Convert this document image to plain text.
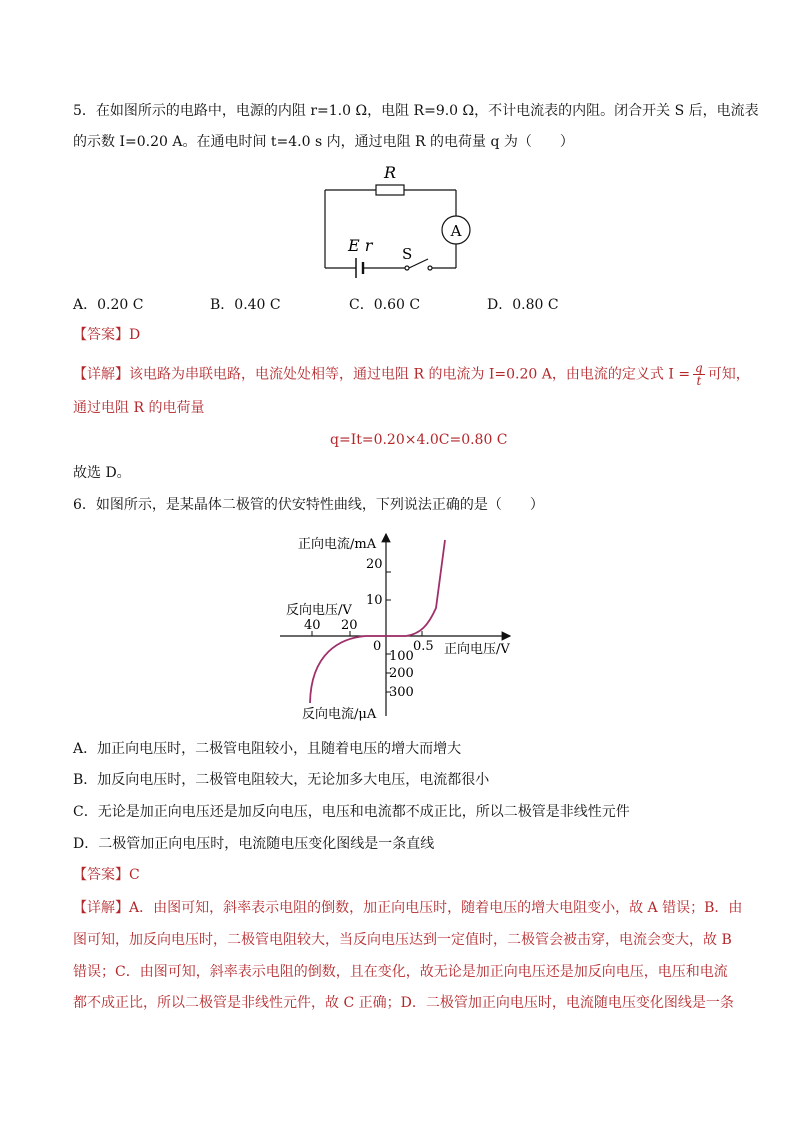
5．在如图所示的电路中，电源的内阻 r=1.0 Ω，电阻 R=9.0 Ω，不计电流表的内阻。闭合开关 S 后，电流表
的示数 I=0.20 A。在通电时间 t=4.0 s 内，通过电阻 R 的电荷量 q 为（　　）
R
A
E r S
A．0.20 C	B．0.40 C	C．0.60 C	D．0.80 C
【答案】D
【详解】该电路为串联电路，电流处处相等，通过电阻 R 的电流为 I=0.20 A，由电流的定义式 $I = \frac{q}{t}$ 可知，
通过电阻 R 的电荷量
q=It=0.20×4.0C=0.80 C
故选 D。
6．如图所示，是某晶体二极管的伏安特性曲线，下列说法正确的是（　　）
正向电流/mA
反向电流/μA
正向电压/V
反向电压/V
20
10
100
200
300
40 20
0.5
0
A．加正向电压时，二极管电阻较小，且随着电压的增大而增大
B．加反向电压时，二极管电阻较大，无论加多大电压，电流都很小
C．无论是加正向电压还是加反向电压，电压和电流都不成正比，所以二极管是非线性元件
D．二极管加正向电压时，电流随电压变化图线是一条直线
【答案】C
【详解】A．由图可知，斜率表示电阻的倒数，加正向电压时，随着电压的增大电阻变小，故 A 错误；B．由
图可知，加反向电压时，二极管电阻较大，当反向电压达到一定值时，二极管会被击穿，电流会变大，故 B
错误；C．由图可知，斜率表示电阻的倒数，且在变化，故无论是加正向电压还是加反向电压，电压和电流
都不成正比，所以二极管是非线性元件，故 C 正确；D．二极管加正向电压时，电流随电压变化图线是一条
